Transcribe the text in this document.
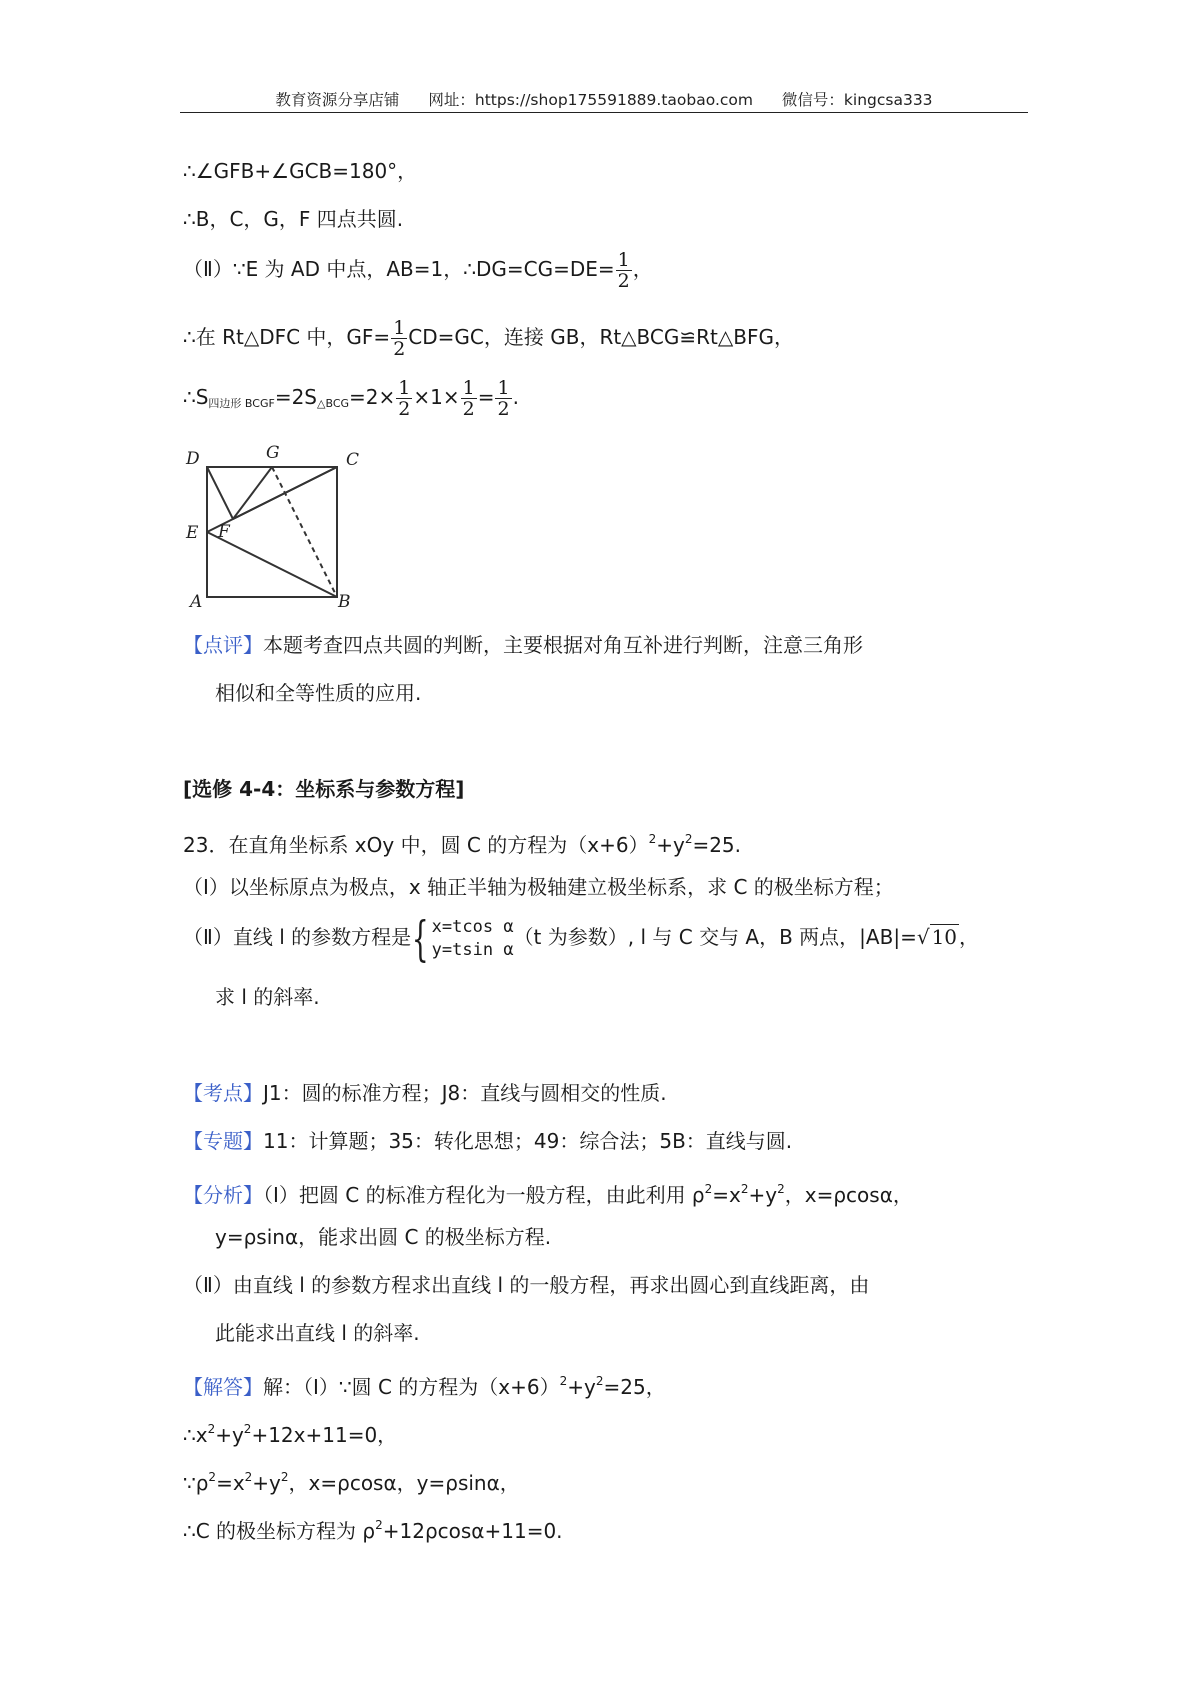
教育资源分享店铺 网址：https://shop175591889.taobao.com 微信号：kingcsa333
∴∠GFB+∠GCB=180°，
∴B，C，G，F 四点共圆.
（Ⅱ）∵E 为 AD 中点，AB=1，∴DG=CG=DE= $\frac{1}{2}$ ，
∴在 Rt△DFC 中，$GF= \frac{1}{2} CD=GC$，连接 GB，Rt△BCG≌Rt△BFG，
$\therefore S_{四边形 BCGF}=2S_{\triangle BCG}=2\times \frac{1}{2} \times 1\times \frac{1}{2} = \frac{1}{2}$ .
D	G	C
E F
A	B
【点评】本题考查四点共圆的判断，主要根据对角互补进行判断，注意三角形
相似和全等性质的应用.
[选修 4-4：坐标系与参数方程]
23．在直角坐标系 xOy 中，圆 C 的方程为$(x+6)^2+y^2=25$.
（Ⅰ）以坐标原点为极点，x 轴正半轴为极轴建立极坐标系，求 C 的极坐标方程；
（Ⅱ）直线 l 的参数方程是{ x=tcos α
y=tsin α
（t 为参数）, l 与 C 交与 A，B 两点，|AB|=√ 10 ，
求 l 的斜率.
【考点】J1：圆的标准方程；J8：直线与圆相交的性质.
【专题】11：计算题；35：转化思想；49：综合法；5B：直线与圆.
【分析】（Ⅰ）把圆 C 的标准方程化为一般方程，由此利用 $\rho^2=x^2+y^2$，x=ρcosα，
y=ρsinα，能求出圆 C 的极坐标方程.
（Ⅱ）由直线 l 的参数方程求出直线 l 的一般方程，再求出圆心到直线距离，由
此能求出直线 l 的斜率.
【解答】解：（Ⅰ）∵圆 C 的方程为$(x+6)^2+y^2=25$，
$\therefore x^2+y^2+12x+11=0$，
$\because\rho^2=x^2+y^2$，x=ρcosα，y=ρsinα，
∴C 的极坐标方程为 $\rho^2+12\rho\cos\alpha+11=0$.
